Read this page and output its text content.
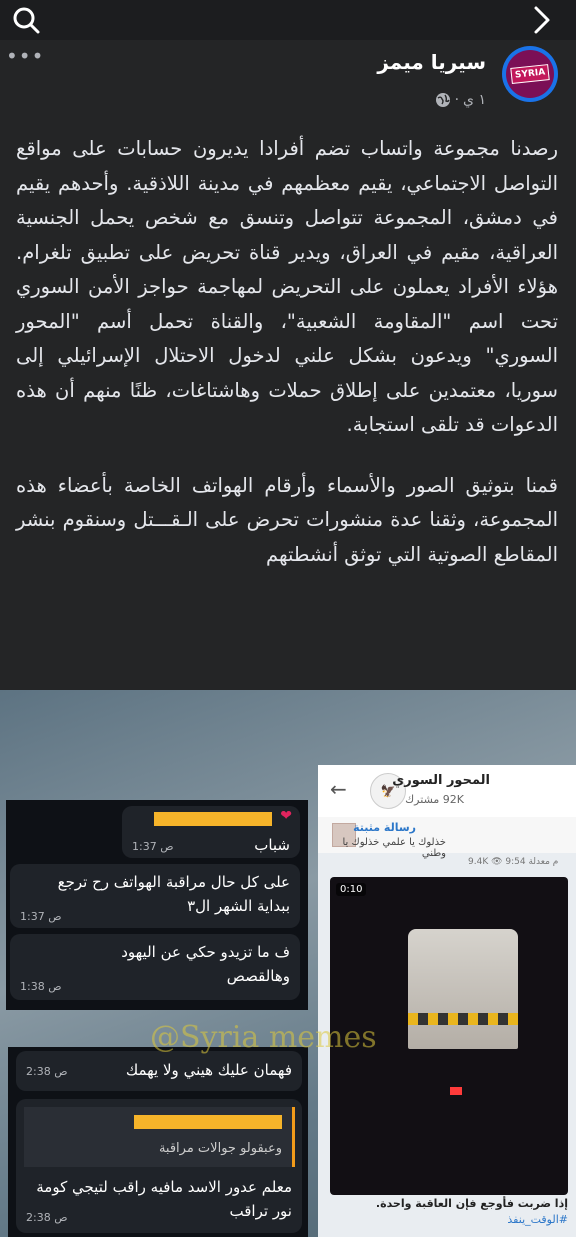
•••
SYRIA
سيريا ميمز
١ ي
·

رصدنا مجموعة واتساب تضم أفرادا يديرون حسابات على مواقع التواصل الاجتماعي، يقيم معظمهم في مدينة اللاذقية. وأحدهم يقيم في دمشق، المجموعة تتواصل وتنسق مع شخص يحمل الجنسية العراقية، مقيم في العراق، ويدير قناة تحريض على تطبيق تلغرام. هؤلاء الأفراد يعملون على التحريض لمهاجمة حواجز الأمن السوري تحت اسم "المقاومة الشعبية"، والقناة تحمل أسم "المحور السوري" ويدعون بشكل علني لدخول الاحتلال الإسرائيلي إلى سوريا، معتمدين على إطلاق حملات وهاشتاغات، ظنًا منهم أن هذه الدعوات قد تلقى استجابة.

قمنا بتوثيق الصور والأسماء وأرقام الهواتف الخاصة بأعضاء هذه المجموعة، وثقنا عدة منشورات تحرض على الـقـــتل وسنقوم بنشر المقاطع الصوتية التي توثق أنشطتهم

❤
شباب
1:37 ص
على كل حال مراقبة الهواتف رح ترجع ببداية الشهر ال٣
1:37 ص
ف ما تزيدو حكي عن اليهود وهالقصص
1:38 ص
فهمان عليك هيني ولا يهمك
2:38 ص
وعبقولو جوالات مراقبة
معلم عدور الاسد مافيه راقب لتيجي كومة نور تراقب
2:38 ص
←	🦅
المحور السوري
92K مشترك
رسالة مثبتة
خذلوك يا علمي خذلوك يا وطني
9.4K 👁 9:54 م معدلة
0:10
إذا ضربت فأوجع فإن العاقبة واحدة.
#الوقت_ينفذ
@Syria memes
